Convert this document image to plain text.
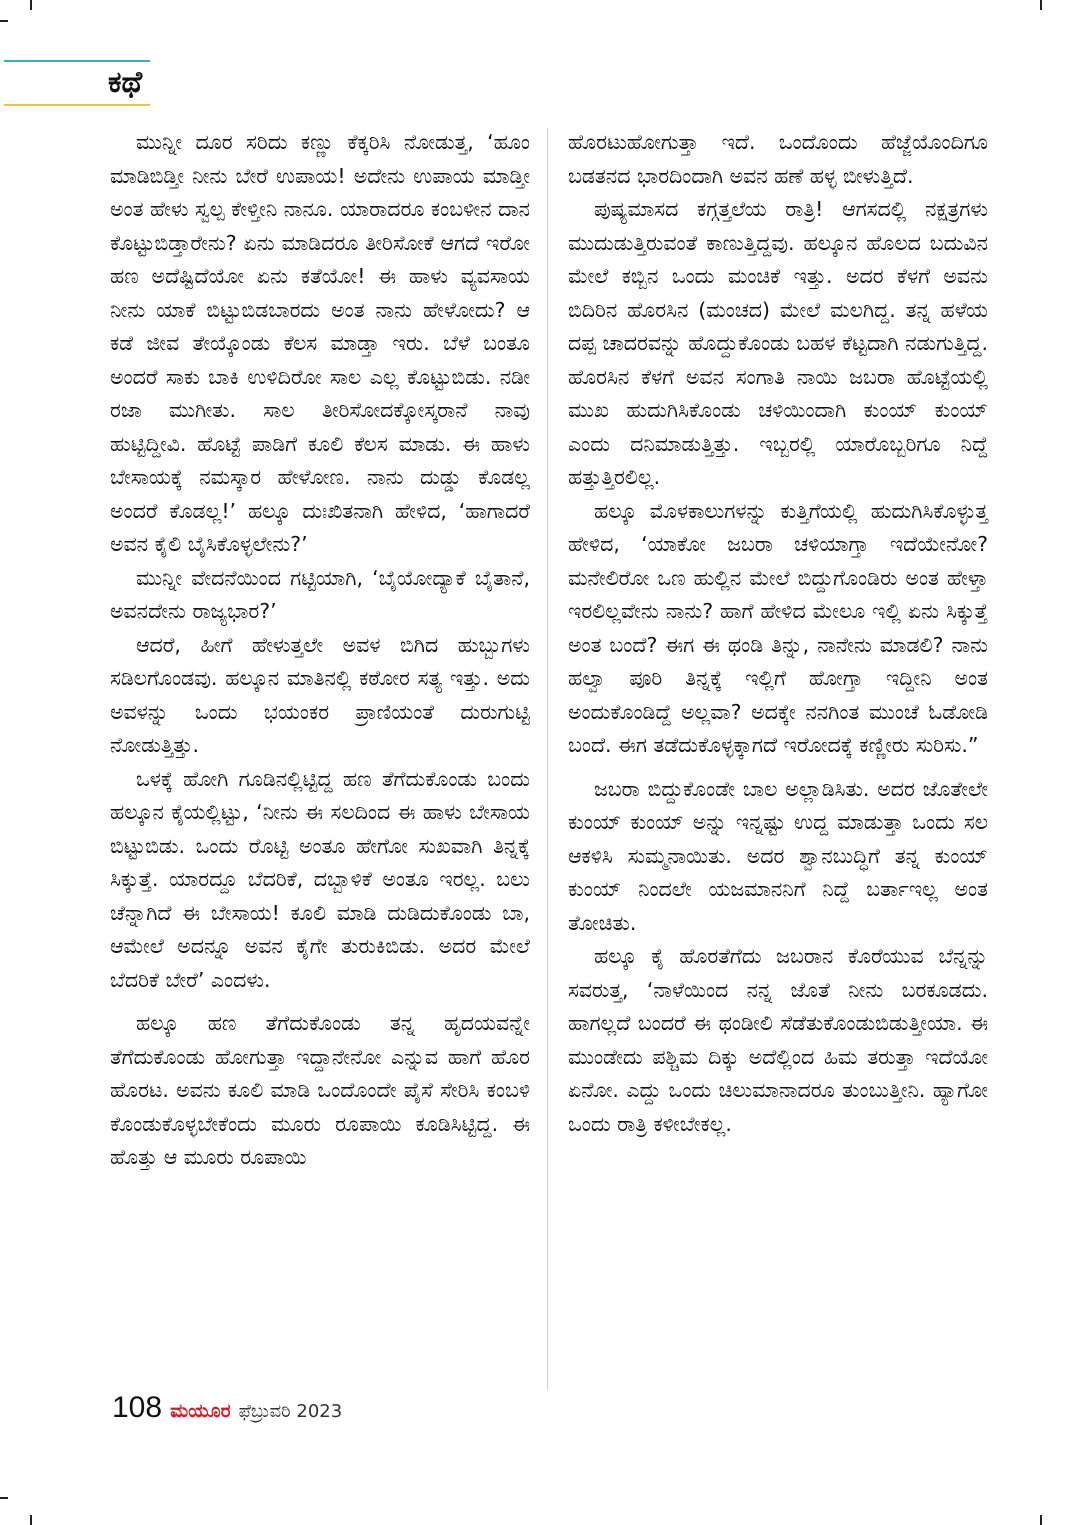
ಕಥೆ

ಮುನ್ನೀ ದೂರ ಸರಿದು ಕಣ್ಣು ಕೆಕ್ಕರಿಸಿ ನೋಡುತ್ತ, ‘ಹೂಂ ಮಾಡಿಬಿಡ್ತೀ ನೀನು ಬೇರೆ ಉಪಾಯ! ಅದೇನು ಉಪಾಯ ಮಾಡ್ತೀ ಅಂತ ಹೇಳು ಸ್ವಲ್ಪ ಕೇಳ್ತೀನಿ ನಾನೂ. ಯಾರಾದರೂ ಕಂಬಳೀನ ದಾನ ಕೊಟ್ಟುಬಿಡ್ತಾರೇನು? ಏನು ಮಾಡಿದರೂ ತೀರಿಸೋಕೆ ಆಗದೆ ಇರೋ ಹಣ ಅದೆಷ್ಟಿದೆಯೋ ಏನು ಕತೆಯೋ! ಈ ಹಾಳು ವ್ಯವಸಾಯ ನೀನು ಯಾಕೆ ಬಿಟ್ಟುಬಿಡಬಾರದು ಅಂತ ನಾನು ಹೇಳೋದು? ಆ ಕಡೆ ಜೀವ ತೇಯ್ಕೊಂಡು ಕೆಲಸ ಮಾಡ್ತಾ ಇರು. ಬೆಳೆ ಬಂತೂ ಅಂದರೆ ಸಾಕು ಬಾಕಿ ಉಳಿದಿರೋ ಸಾಲ ಎಲ್ಲ ಕೊಟ್ಟುಬಿಡು. ನಡೀ ರಜಾ ಮುಗೀತು. ಸಾಲ ತೀರಿಸೋದಕ್ಕೋಸ್ಕರಾನೆ ನಾವು ಹುಟ್ಟಿದ್ದೀವಿ. ಹೊಟ್ಟೆ ಪಾಡಿಗೆ ಕೂಲಿ ಕೆಲಸ ಮಾಡು. ಈ ಹಾಳು ಬೇಸಾಯಕ್ಕೆ ನಮಸ್ಕಾರ ಹೇಳೋಣ. ನಾನು ದುಡ್ಡು ಕೊಡಲ್ಲ ಅಂದರೆ ಕೊಡಲ್ಲ!’ ಹಲ್ಕೂ ದುಃಖಿತನಾಗಿ ಹೇಳಿದ, ‘ಹಾಗಾದರೆ ಅವನ ಕೈಲಿ ಬೈಸಿಕೊಳ್ಳಲೇನು?’

ಮುನ್ನೀ ವೇದನೆಯಿಂದ ಗಟ್ಟಿಯಾಗಿ, ‘ಬೈಯೋದ್ಯಾಕೆ ಬೈತಾನೆ, ಅವನದೇನು ರಾಜ್ಯಭಾರ?’

ಆದರೆ, ಹೀಗೆ ಹೇಳುತ್ತಲೇ ಅವಳ ಬಿಗಿದ ಹುಬ್ಬುಗಳು ಸಡಿಲಗೊಂಡವು. ಹಲ್ಕೂನ ಮಾತಿನಲ್ಲಿ ಕಠೋರ ಸತ್ಯ ಇತ್ತು. ಅದು ಅವಳನ್ನು ಒಂದು ಭಯಂಕರ ಪ್ರಾಣಿಯಂತೆ ದುರುಗುಟ್ಟಿ ನೋಡುತ್ತಿತ್ತು.

ಒಳಕ್ಕೆ ಹೋಗಿ ಗೂಡಿನಲ್ಲಿಟ್ಟಿದ್ದ ಹಣ ತೆಗೆದುಕೊಂಡು ಬಂದು ಹಲ್ಕೂನ ಕೈಯಲ್ಲಿಟ್ಟು, ‘ನೀನು ಈ ಸಲದಿಂದ ಈ ಹಾಳು ಬೇಸಾಯ ಬಿಟ್ಟುಬಿಡು. ಒಂದು ರೊಟ್ಟಿ ಅಂತೂ ಹೇಗೋ ಸುಖವಾಗಿ ತಿನ್ನಕ್ಕೆ ಸಿಕ್ಕುತ್ತೆ. ಯಾರದ್ದೂ ಬೆದರಿಕೆ, ದಬ್ಬಾಳಿಕೆ ಅಂತೂ ಇರಲ್ಲ. ಬಲು ಚೆನ್ನಾಗಿದೆ ಈ ಬೇಸಾಯ! ಕೂಲಿ ಮಾಡಿ ದುಡಿದುಕೊಂಡು ಬಾ, ಆಮೇಲೆ ಅದನ್ನೂ ಅವನ ಕೈಗೇ ತುರುಕಿಬಿಡು. ಅದರ ಮೇಲೆ ಬೆದರಿಕೆ ಬೇರೆ’ ಎಂದಳು.

ಹಲ್ಕೂ ಹಣ ತೆಗೆದುಕೊಂಡು ತನ್ನ ಹೃದಯವನ್ನೇ ತೆಗೆದುಕೊಂಡು ಹೋಗುತ್ತಾ ಇದ್ದಾನೇನೋ ಎನ್ನುವ ಹಾಗೆ ಹೊರ ಹೊರಟ. ಅವನು ಕೂಲಿ ಮಾಡಿ ಒಂದೊಂದೇ ಪೈಸೆ ಸೇರಿಸಿ ಕಂಬಳಿ ಕೊಂಡುಕೊಳ್ಳಬೇಕೆಂದು ಮೂರು ರೂಪಾಯಿ ಕೂಡಿಸಿಟ್ಟಿದ್ದ. ಈ ಹೊತ್ತು ಆ ಮೂರು ರೂಪಾಯಿ

ಹೊರಟುಹೋಗುತ್ತಾ ಇದೆ. ಒಂದೊಂದು ಹೆಜ್ಜೆಯೊಂದಿಗೂ ಬಡತನದ ಭಾರದಿಂದಾಗಿ ಅವನ ಹಣೆ ಹಳ್ಳ ಬೀಳುತ್ತಿದೆ.

ಪುಷ್ಯಮಾಸದ ಕಗ್ಗತ್ತಲೆಯ ರಾತ್ರಿ! ಆಗಸದಲ್ಲಿ ನಕ್ಷತ್ರಗಳು ಮುದುಡುತ್ತಿರುವಂತೆ ಕಾಣುತ್ತಿದ್ದವು. ಹಲ್ಕೂನ ಹೊಲದ ಬದುವಿನ ಮೇಲೆ ಕಬ್ಬಿನ ಒಂದು ಮಂಚಿಕೆ ಇತ್ತು. ಅದರ ಕೆಳಗೆ ಅವನು ಬಿದಿರಿನ ಹೊರಸಿನ (ಮಂಚದ) ಮೇಲೆ ಮಲಗಿದ್ದ. ತನ್ನ ಹಳೆಯ ದಪ್ಪ ಚಾದರವನ್ನು ಹೊದ್ದುಕೊಂಡು ಬಹಳ ಕೆಟ್ಟದಾಗಿ ನಡುಗುತ್ತಿದ್ದ. ಹೊರಸಿನ ಕೆಳಗೆ ಅವನ ಸಂಗಾತಿ ನಾಯಿ ಜಬರಾ ಹೊಟ್ಟೆಯಲ್ಲಿ ಮುಖ ಹುದುಗಿಸಿಕೊಂಡು ಚಳಿಯಿಂದಾಗಿ ಕುಂಯ್ ಕುಂಯ್ ಎಂದು ದನಿಮಾಡುತ್ತಿತ್ತು. ಇಬ್ಬರಲ್ಲಿ ಯಾರೊಬ್ಬರಿಗೂ ನಿದ್ದೆ ಹತ್ತುತ್ತಿರಲಿಲ್ಲ.

ಹಲ್ಕೂ ಮೊಳಕಾಲುಗಳನ್ನು ಕುತ್ತಿಗೆಯಲ್ಲಿ ಹುದುಗಿಸಿಕೊಳ್ಳುತ್ತ ಹೇಳಿದ, ‘ಯಾಕೋ ಜಬರಾ ಚಳಿಯಾಗ್ತಾ ಇದೆಯೇನೋ? ಮನೇಲಿರೋ ಒಣ ಹುಲ್ಲಿನ ಮೇಲೆ ಬಿದ್ದುಗೊಂಡಿರು ಅಂತ ಹೇಳ್ತಾ ಇರಲಿಲ್ಲವೇನು ನಾನು? ಹಾಗೆ ಹೇಳಿದ ಮೇಲೂ ಇಲ್ಲಿ ಏನು ಸಿಕ್ಕುತ್ತೆ ಅಂತ ಬಂದೆ? ಈಗ ಈ ಥಂಡಿ ತಿನ್ನು, ನಾನೇನು ಮಾಡಲಿ? ನಾನು ಹಲ್ವಾ ಪೂರಿ ತಿನ್ನಕ್ಕೆ ಇಲ್ಲಿಗೆ ಹೋಗ್ತಾ ಇದ್ದೀನಿ ಅಂತ ಅಂದುಕೊಂಡಿದ್ದೆ ಅಲ್ಲವಾ? ಅದಕ್ಕೇ ನನಗಿಂತ ಮುಂಚೆ ಓಡೋಡಿ ಬಂದೆ. ಈಗ ತಡೆದುಕೊಳ್ಳಕ್ಕಾಗದೆ ಇರೋದಕ್ಕೆ ಕಣ್ಣೀರು ಸುರಿಸು.”

ಜಬರಾ ಬಿದ್ದುಕೊಂಡೇ ಬಾಲ ಅಲ್ಲಾಡಿಸಿತು. ಅದರ ಜೊತೇಲೇ ಕುಂಯ್ ಕುಂಯ್ ಅನ್ನು ಇನ್ನಷ್ಟು ಉದ್ದ ಮಾಡುತ್ತಾ ಒಂದು ಸಲ ಆಕಳಿಸಿ ಸುಮ್ಮನಾಯಿತು. ಅದರ ಶ್ವಾನಬುದ್ಧಿಗೆ ತನ್ನ ಕುಂಯ್ ಕುಂಯ್ ನಿಂದಲೇ ಯಜಮಾನನಿಗೆ ನಿದ್ದೆ ಬರ್ತಾಇಲ್ಲ ಅಂತ ತೋಚಿತು.

ಹಲ್ಕೂ ಕೈ ಹೊರತೆಗೆದು ಜಬರಾನ ಕೊರೆಯುವ ಬೆನ್ನನ್ನು ಸವರುತ್ತ, ‘ನಾಳೆಯಿಂದ ನನ್ನ ಜೊತೆ ನೀನು ಬರಕೂಡದು. ಹಾಗಲ್ಲದೆ ಬಂದರೆ ಈ ಥಂಡೀಲಿ ಸೆಡೆತುಕೊಂಡುಬಿಡುತ್ತೀಯಾ. ಈ ಮುಂಡೇದು ಪಶ್ಚಿಮ ದಿಕ್ಕು ಅದೆಲ್ಲಿಂದ ಹಿಮ ತರುತ್ತಾ ಇದೆಯೋ ಏನೋ. ಎದ್ದು ಒಂದು ಚಿಲುಮಾನಾದರೂ ತುಂಬುತ್ತೀನಿ. ಹ್ಯಾಗೋ ಒಂದು ರಾತ್ರಿ ಕಳೀಬೇಕಲ್ಲ.

108 ಮಯೂರ ಫೆಬ್ರುವರಿ 2023
